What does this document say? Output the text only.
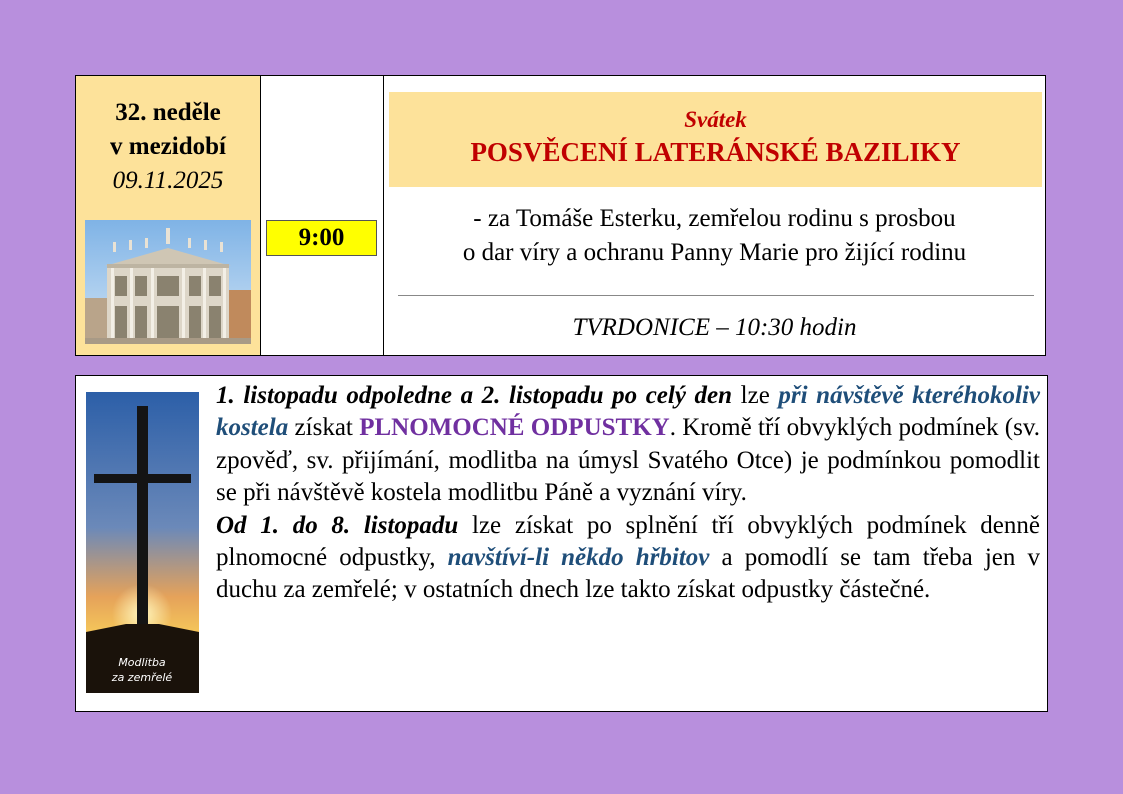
32. neděle
v mezidobí
09.11.2025
9:00
Svátek
POSVĚCENÍ LATERÁNSKÉ BAZILIKY
- za Tomáše Esterku, zemřelou rodinu s prosbou
o dar víry a ochranu Panny Marie pro žijící rodinu
TVRDONICE – 10:30 hodin
Modlitba
za zemřelé
1. listopadu odpoledne a 2. listopadu po celý den lze při návštěvě kteréhokoliv kostela získat PLNOMOCNÉ ODPUSTKY. Kromě tří obvyklých podmínek (sv. zpověď, sv. přijímání, modlitba na úmysl Svatého Otce) je podmínkou pomodlit se při návštěvě kostela modlitbu Páně a vyznání víry.
Od 1. do 8. listopadu lze získat po splnění tří obvyklých podmínek denně plnomocné odpustky, navštíví-li někdo hřbitov a pomodlí se tam třeba jen v duchu za zemřelé; v ostatních dnech lze takto získat odpustky částečné.
